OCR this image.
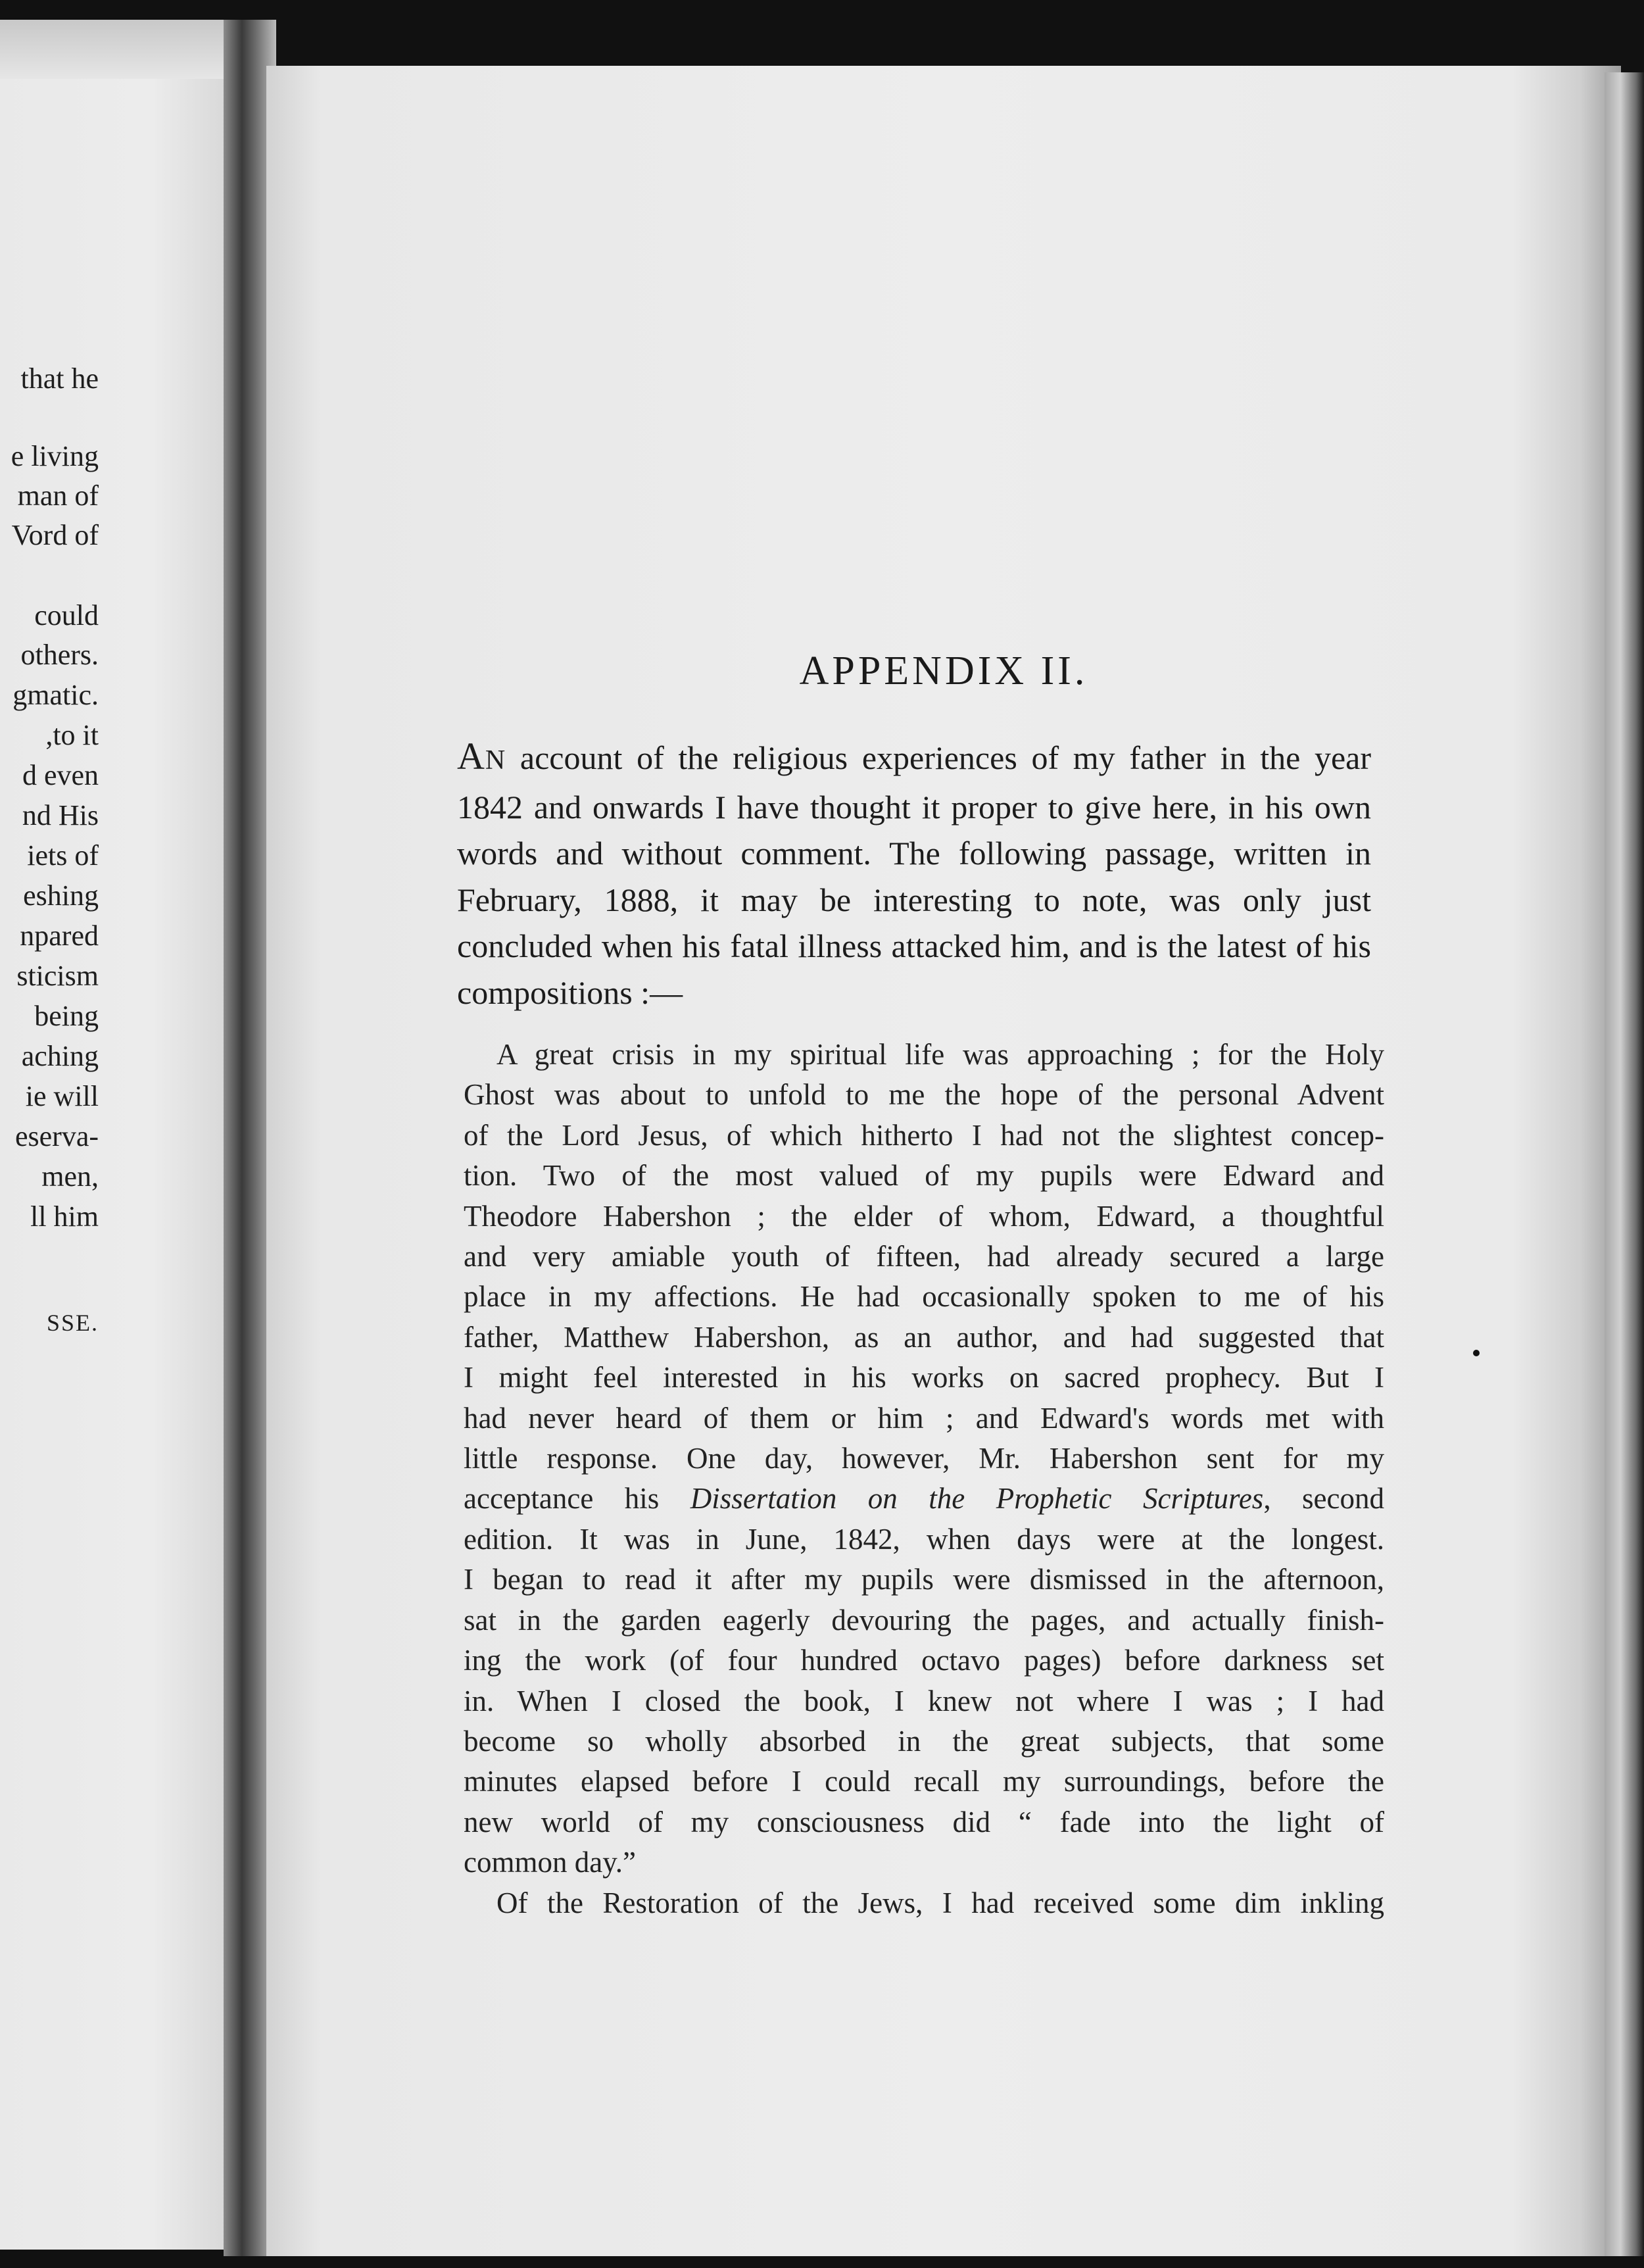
that he
e living
man of
Vord of
could
others.
gmatic.
,to it
d even
nd His
iets of
eshing
npared
sticism
being
aching
ie will
eserva-
men,
ll him
SSE.
APPENDIX II.
AN account of the religious experiences of my father in the year 1842 and onwards I have thought it proper to give here, in his own words and without comment. The following passage, written in February, 1888, it may be interesting to note, was only just concluded when his fatal illness attacked him, and is the latest of his compositions :—
A great crisis in my spiritual life was approaching ; for the Holy
Ghost was about to unfold to me the hope of the personal Advent
of the Lord Jesus, of which hitherto I had not the slightest concep-
tion. Two of the most valued of my pupils were Edward and
Theodore Habershon ; the elder of whom, Edward, a thoughtful
and very amiable youth of fifteen, had already secured a large
place in my affections. He had occasionally spoken to me of his
father, Matthew Habershon, as an author, and had suggested that
I might feel interested in his works on sacred prophecy. But I
had never heard of them or him ; and Edward's words met with
little response. One day, however, Mr. Habershon sent for my
acceptance his Dissertation on the Prophetic Scriptures, second
edition. It was in June, 1842, when days were at the longest.
I began to read it after my pupils were dismissed in the afternoon,
sat in the garden eagerly devouring the pages, and actually finish-
ing the work (of four hundred octavo pages) before darkness set
in. When I closed the book, I knew not where I was ; I had
become so wholly absorbed in the great subjects, that some
minutes elapsed before I could recall my surroundings, before the
new world of my consciousness did “ fade into the light of
common day.”
Of the Restoration of the Jews, I had received some dim inkling
